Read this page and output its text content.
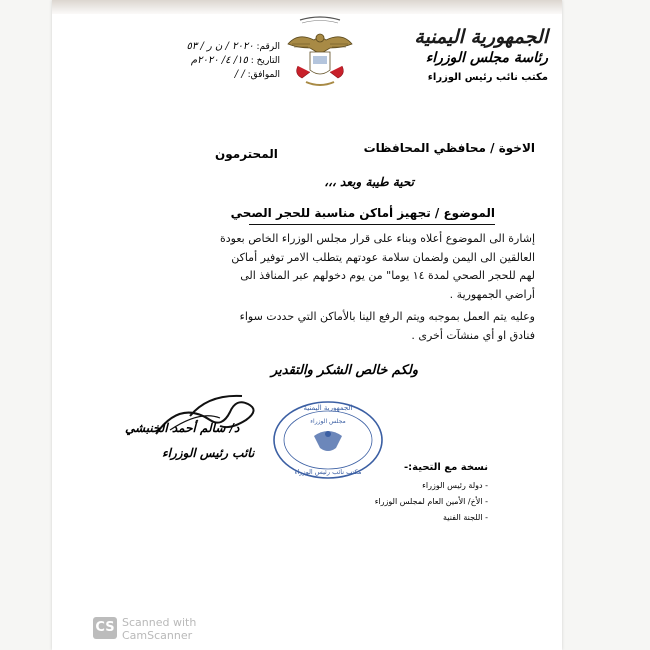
الجمهورية اليمنية
رئاسة مجلس الوزراء
مكتب نائب رئيس الوزراء
الرقم: ٢٠٢٠ / ن ر / ٥٣
التاريخ : ١٥/ ٤/ ٢٠٢٠م
الموافق: / /
الاخوة / محافظي المحافظات
المحترمون
تحية طيبة وبعد ،،،
الموضوع / تجهيز أماكن مناسبة للحجر الصحي

إشارة الى الموضوع أعلاه وبناء على قرار مجلس الوزراء الخاص بعودة العالقين الى اليمن ولضمان سلامة عودتهم يتطلب الامر توفير أماكن لهم للحجر الصحي لمدة ١٤ يوما" من يوم دخولهم عبر المنافذ الى أراضي الجمهورية .

وعليه يتم العمل بموجبه ويتم الرفع الينا بالأماكن التي حددت سواء فنادق او أي منشآت أخرى .

ولكم خالص الشكر والتقدير
الجمهورية اليمنية
مجلس الوزراء
مكتب نائب رئيس الوزراء
د/ سالم أحمد الخنبشي
نائب رئيس الوزراء
نسخة مع التحية:-
- دولة رئيس الوزراء
- الأخ/ الأمين العام لمجلس الوزراء
- اللجنة الفنية
CS Scanned with
CamScanner
